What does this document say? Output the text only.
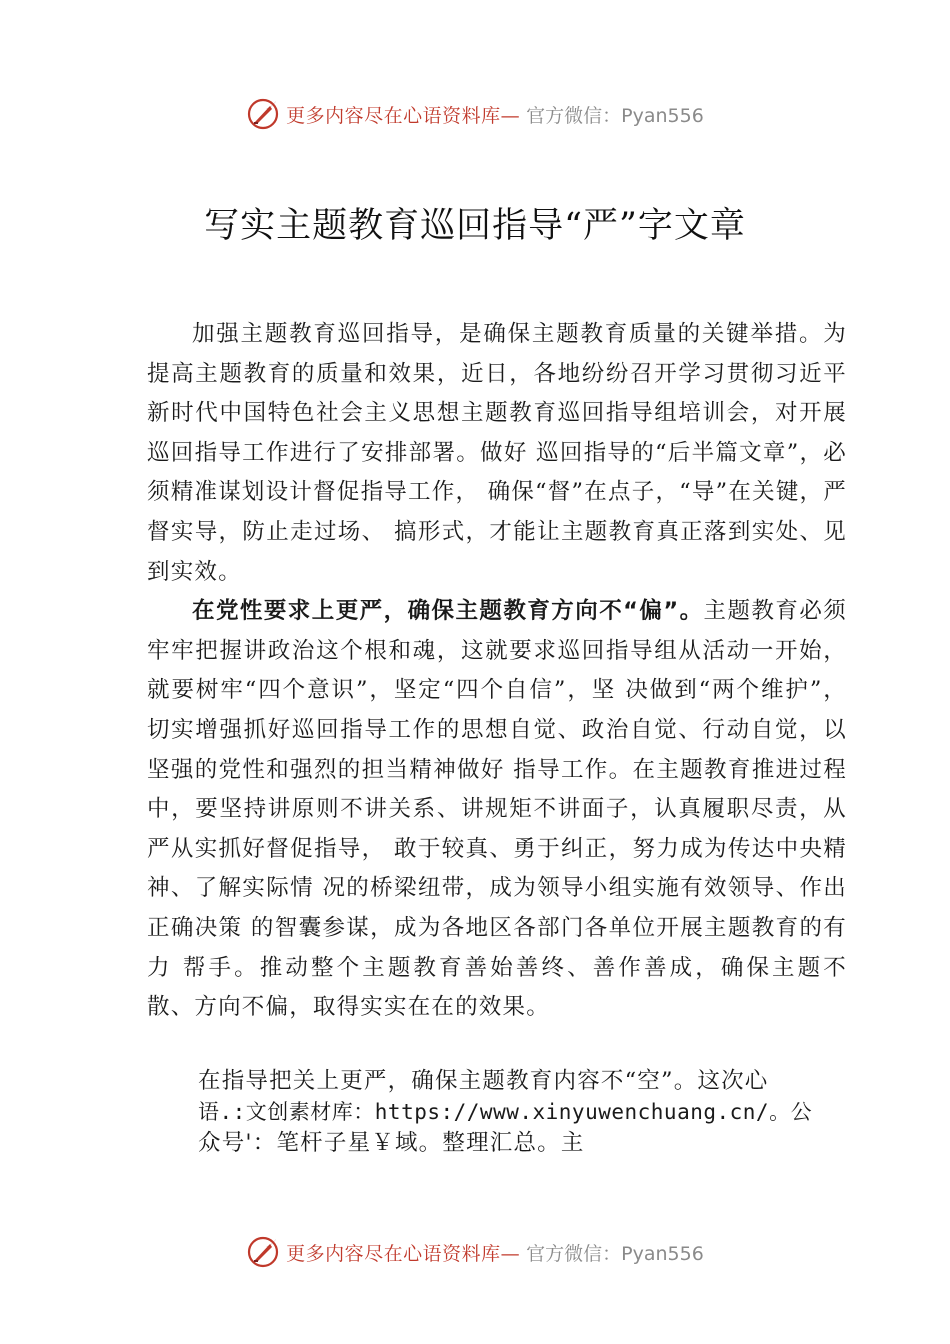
更多内容尽在心语资料库— 官方微信：Pyan556
写实主题教育巡回指导“严”字文章

加强主题教育巡回指导，是确保主题教育质量的关键举措。为提高主题教育的质量和效果，近日，各地纷纷召开学习贯彻习近平新时代中国特色社会主义思想主题教育巡回指导组培训会，对开展巡回指导工作进行了安排部署。做好 巡回指导的“后半篇文章”，必须精准谋划设计督促指导工作， 确保“督”在点子，“导”在关键，严督实导，防止走过场、 搞形式，才能让主题教育真正落到实处、见到实效。

在党性要求上更严，确保主题教育方向不“偏”。主题教育必须牢牢把握讲政治这个根和魂，这就要求巡回指导组从活动一开始，就要树牢“四个意识”，坚定“四个自信”，坚 决做到“两个维护”，切实增强抓好巡回指导工作的思想自觉、政治自觉、行动自觉，以坚强的党性和强烈的担当精神做好 指导工作。在主题教育推进过程中，要坚持讲原则不讲关系、讲规矩不讲面子，认真履职尽责，从严从实抓好督促指导， 敢于较真、勇于纠正，努力成为传达中央精神、了解实际情 况的桥梁纽带，成为领导小组实施有效领导、作出正确决策 的智囊参谋，成为各地区各部门各单位开展主题教育的有力 帮手。推动整个主题教育善始善终、善作善成，确保主题不 散、方向不偏，取得实实在在的效果。

在指导把关上更严，确保主题教育内容不“空”。这次心
语.:文创素材库：https://www.xinyuwenchuang.cn/。公
众号'：笔杆子星￥域。整理汇总。主
更多内容尽在心语资料库— 官方微信：Pyan556
